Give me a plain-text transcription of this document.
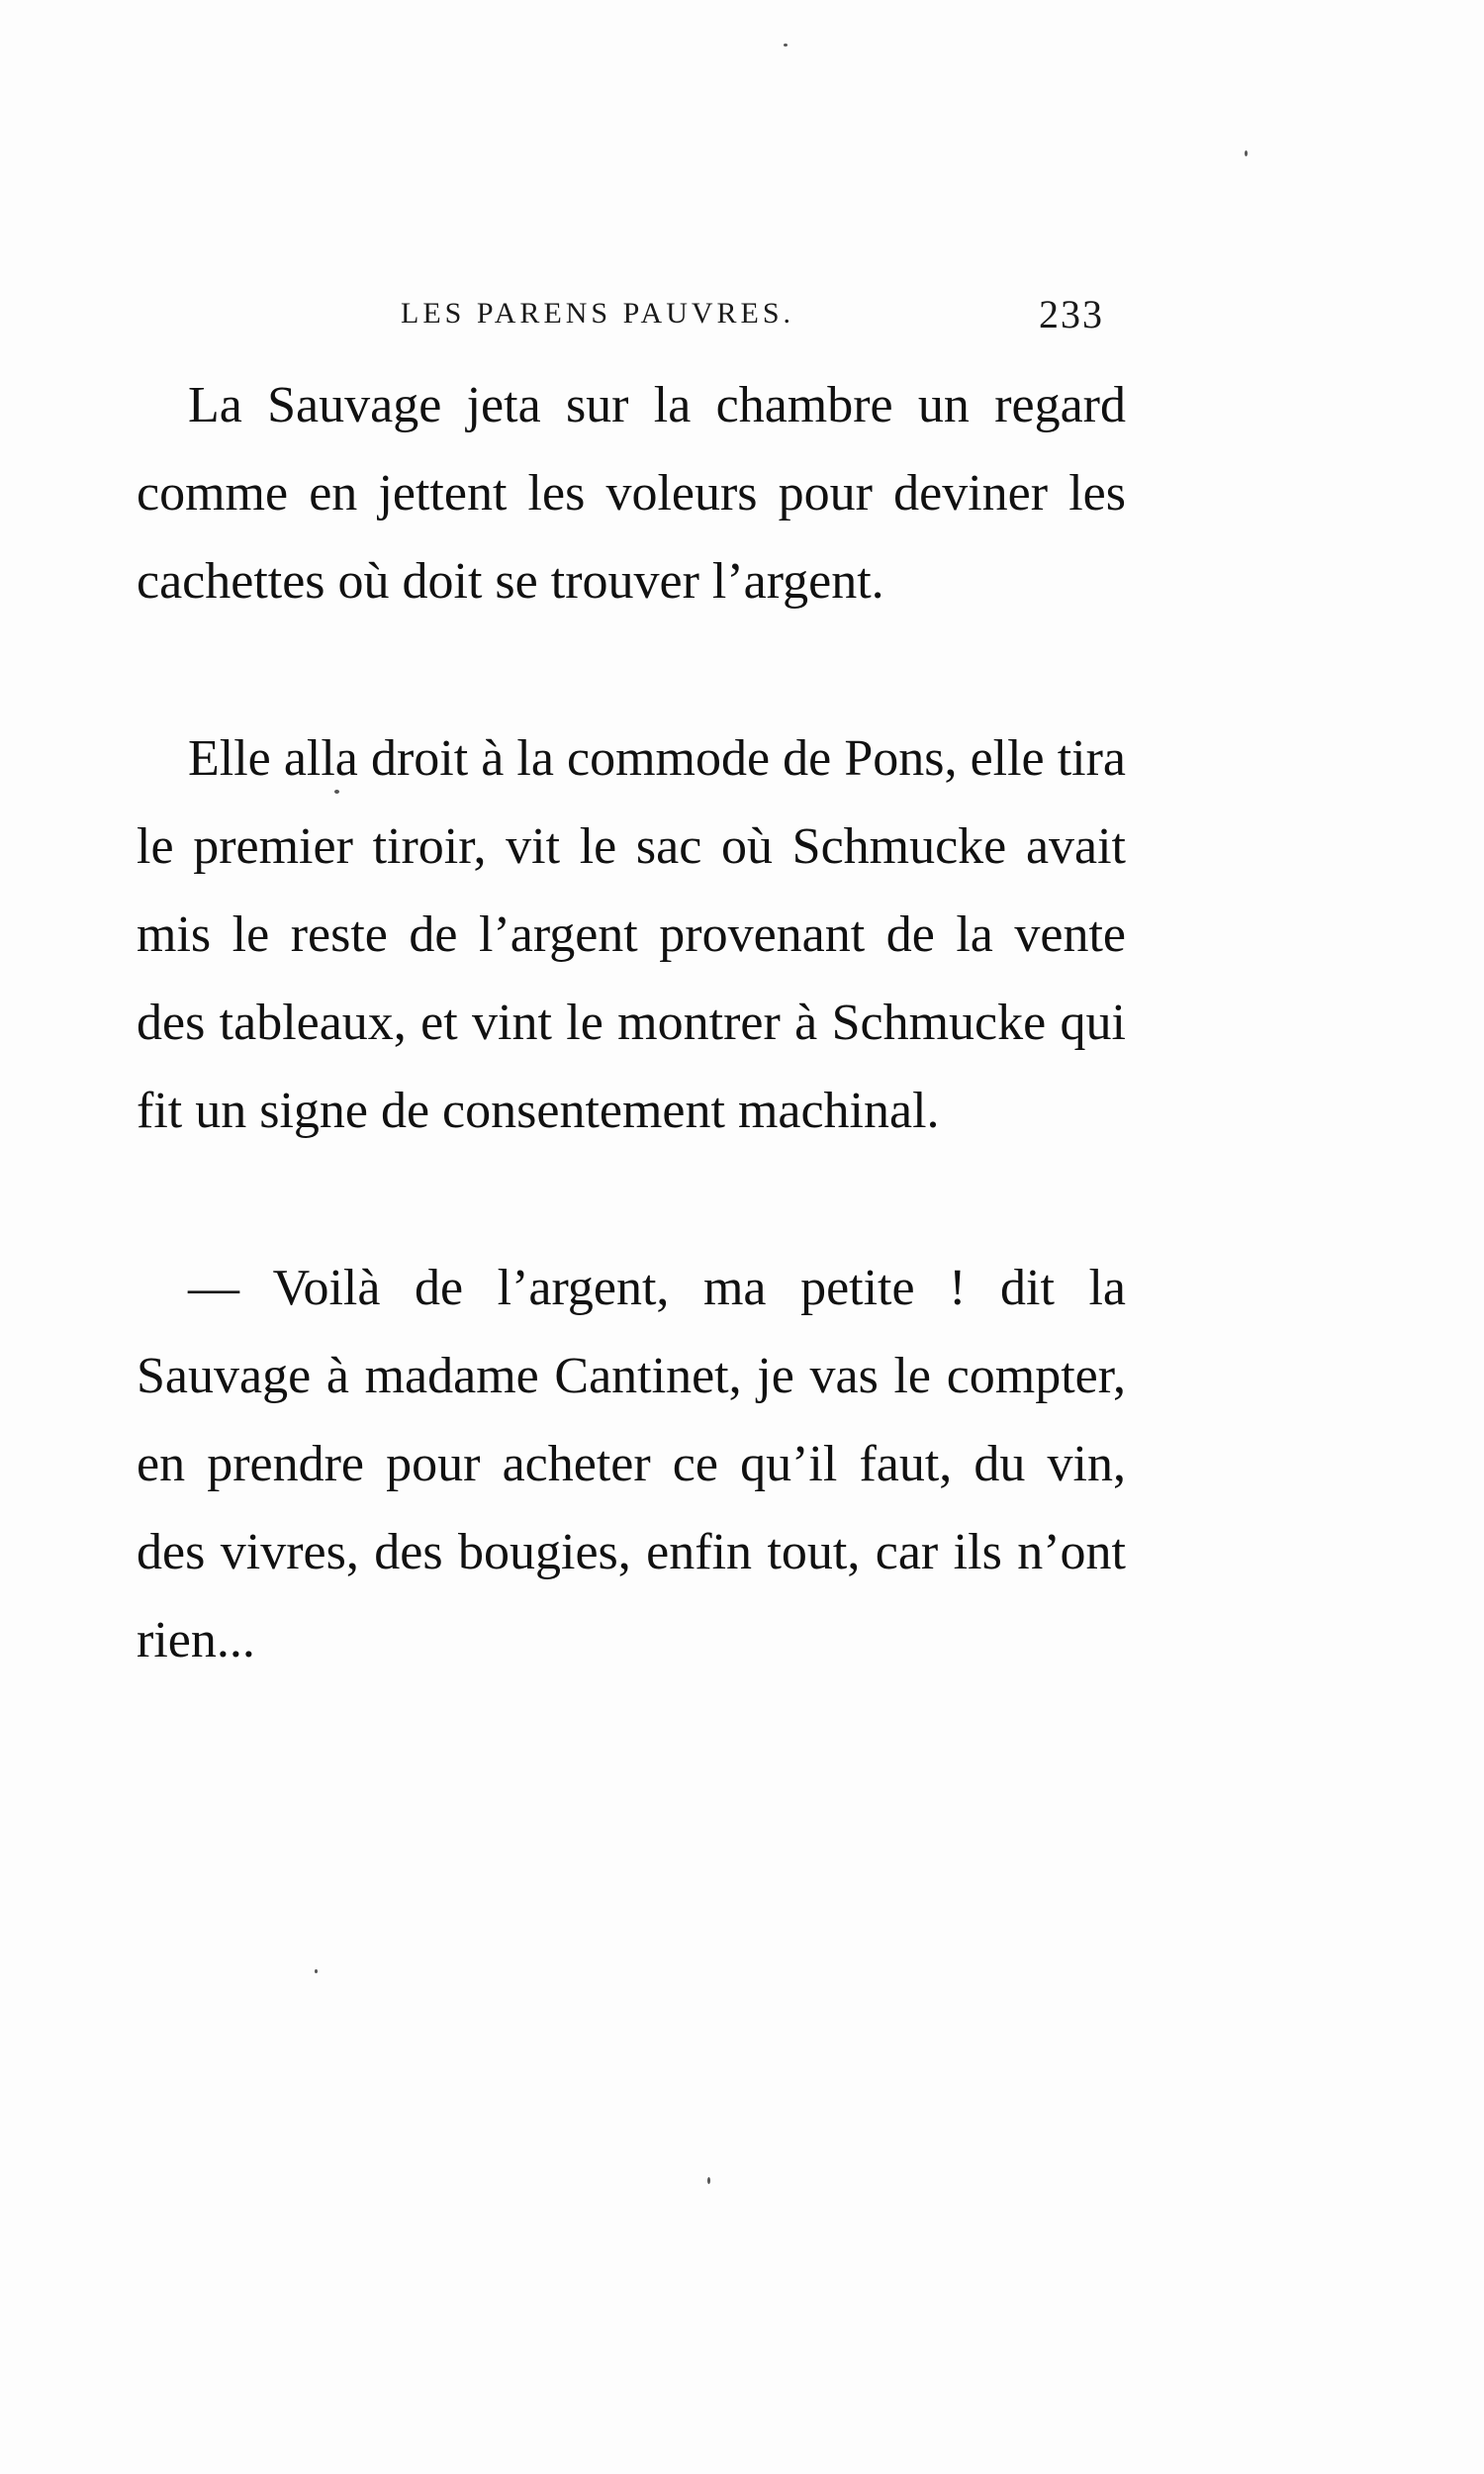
LES PARENS PAUVRES.	233

La Sauvage jeta sur la chambre un regard comme en jettent les voleurs pour deviner les cachettes où doit se trouver l’argent.

Elle alla droit à la commode de Pons, elle tira le premier tiroir, vit le sac où Schmucke avait mis le reste de l’argent provenant de la vente des tableaux, et vint le montrer à Schmucke qui fit un signe de consentement machinal.

— Voilà de l’argent, ma petite ! dit la Sauvage à madame Cantinet, je vas le compter, en prendre pour acheter ce qu’il faut, du vin, des vivres, des bougies, enfin tout, car ils n’ont rien...
